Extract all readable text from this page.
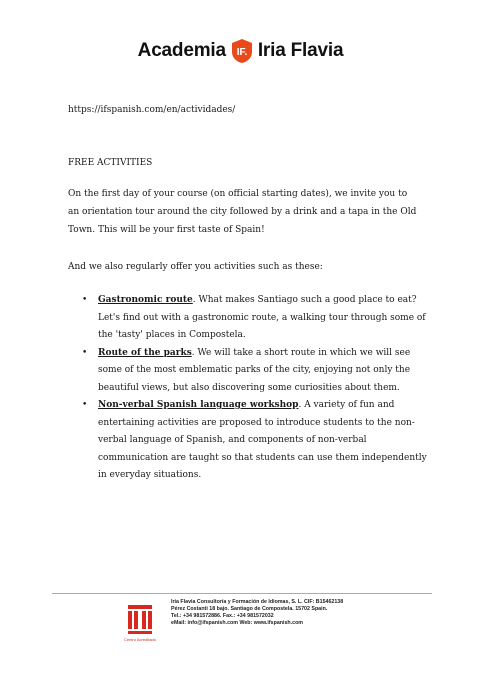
Academia IF. Iria Flavia
https://ifspanish.com/en/actividades/
FREE ACTIVITIES
On the first day of your course (on official starting dates), we invite you to an orientation tour around the city followed by a drink and a tapa in the Old Town. This will be your first taste of Spain!
And we also regularly offer you activities such as these:
• Gastronomic route. What makes Santiago such a good place to eat? Let's find out with a gastronomic route, a walking tour through some of the 'tasty' places in Compostela.
• Route of the parks. We will take a short route in which we will see some of the most emblematic parks of the city, enjoying not only the beautiful views, but also discovering some curiosities about them.
• Non-verbal Spanish language workshop. A variety of fun and entertaining activities are proposed to introduce students to the non-verbal language of Spanish, and components of non-verbal communication are taught so that students can use them independently in everyday situations.
Centro Acreditado
Iria Flavia Consultoría y Formación de Idiomas, S. L. CIF: B15462138
Pérez Costanti 18 bajo. Santiago de Compostela. 15702 Spain.
Tel.: +34 981572886. Fax.: +34 981572032
eMail: info@ifspanish.com Web: www.ifspanish.com
